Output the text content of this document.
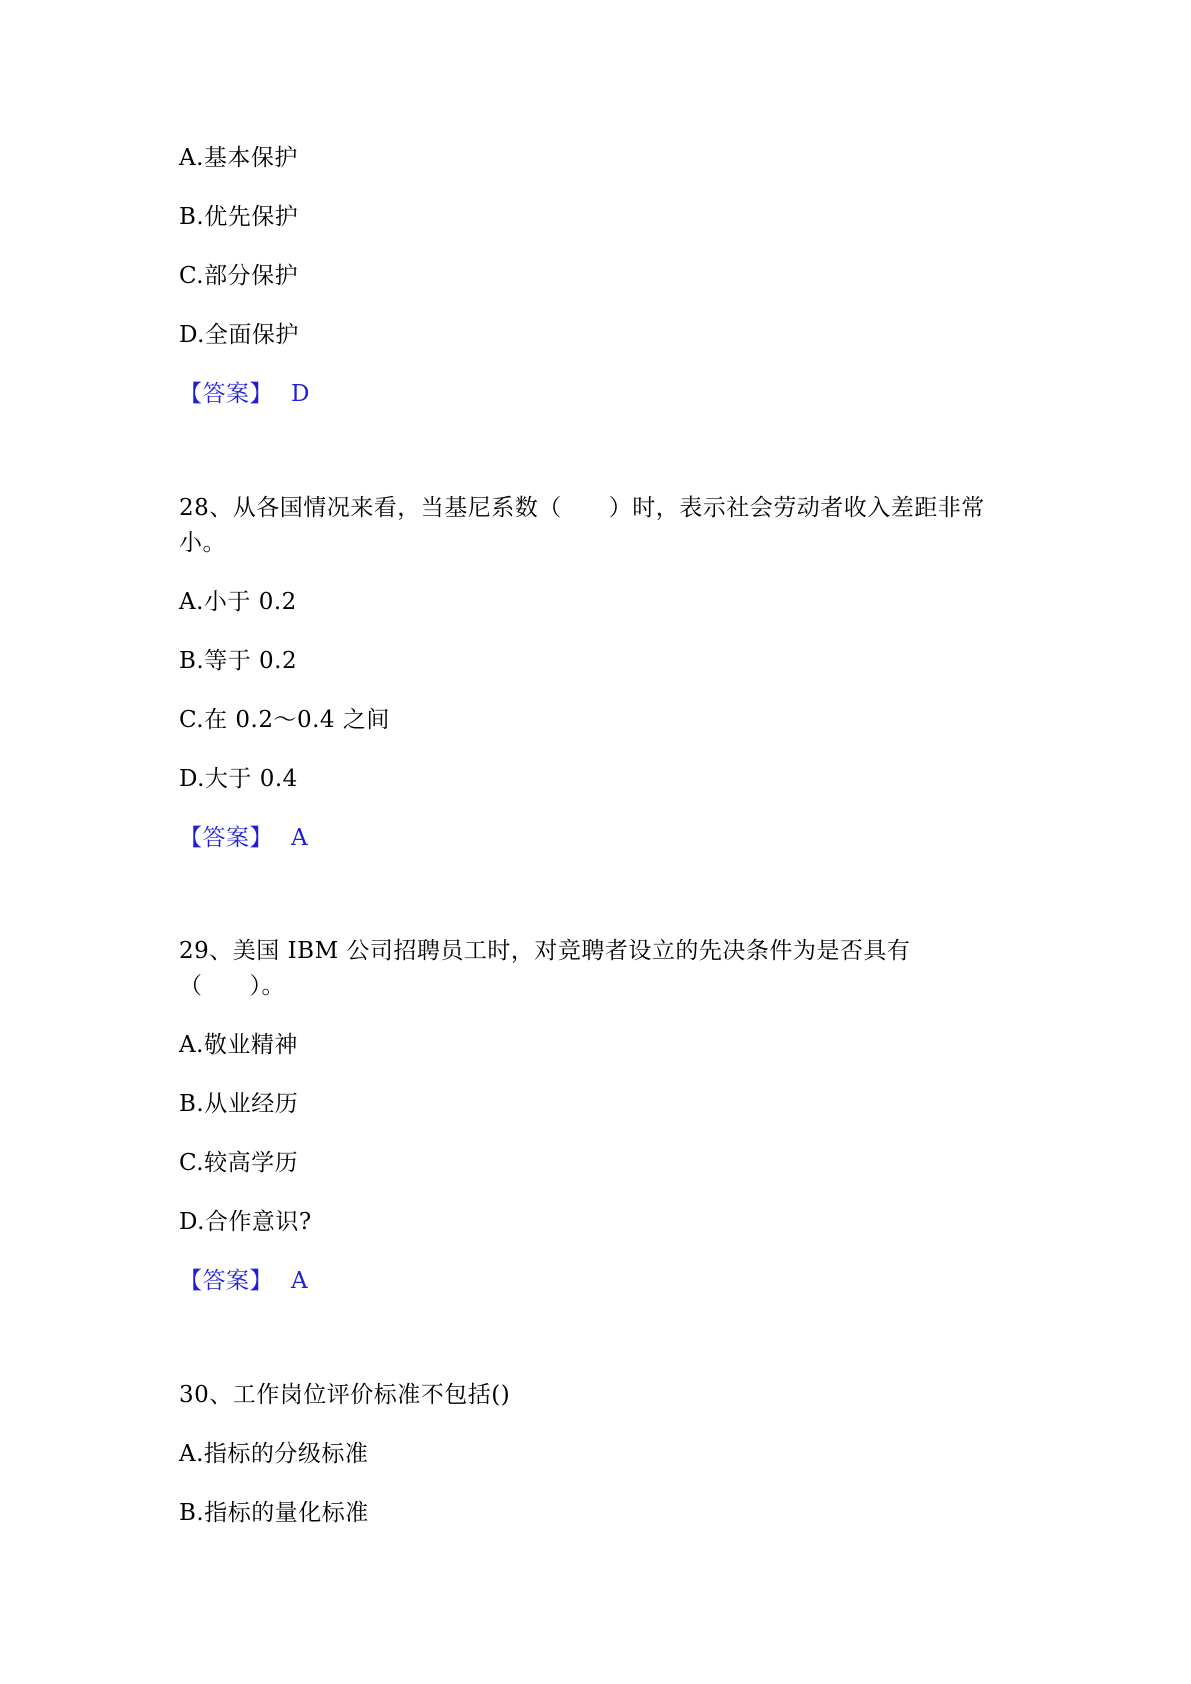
A.基本保护
B.优先保护
C.部分保护
D.全面保护
【答案】 D
28、从各国情况来看，当基尼系数（　　）时，表示社会劳动者收入差距非常
小。
A.小于 0.2
B.等于 0.2
C.在 0.2～0.4 之间
D.大于 0.4
【答案】 A
29、美国 IBM 公司招聘员工时，对竞聘者设立的先决条件为是否具有
（　　）。
A.敬业精神
B.从业经历
C.较高学历
D.合作意识?
【答案】 A
30、工作岗位评价标准不包括()
A.指标的分级标准
B.指标的量化标准
